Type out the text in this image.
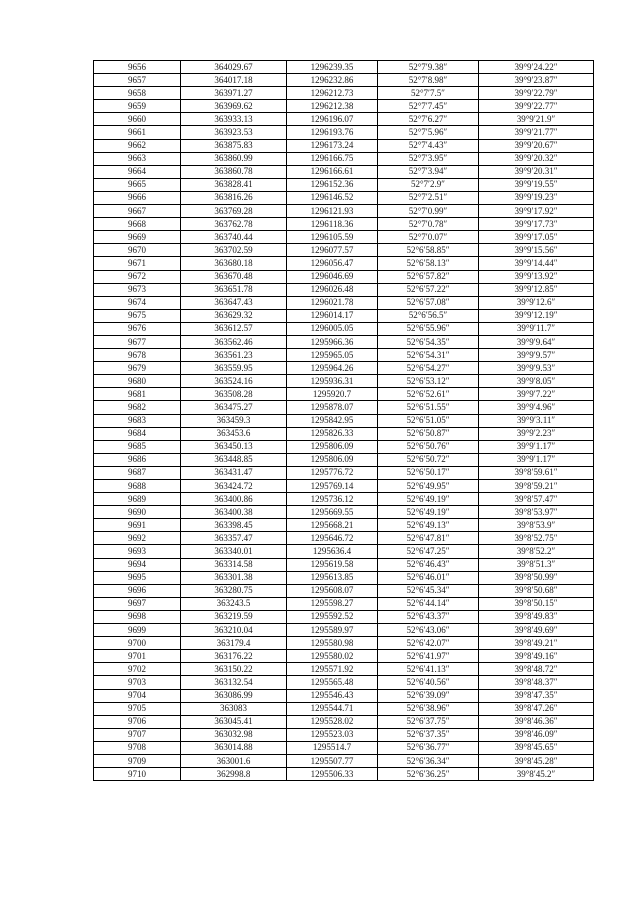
9656	364029.67	1296239.35	52°7′9.38″	39°9′24.22″
9657	364017.18	1296232.86	52°7′8.98″	39°9′23.87″
9658	363971.27	1296212.73	52°7′7.5″	39°9′22.79″
9659	363969.62	1296212.38	52°7′7.45″	39°9′22.77″
9660	363933.13	1296196.07	52°7′6.27″	39°9′21.9″
9661	363923.53	1296193.76	52°7′5.96″	39°9′21.77″
9662	363875.83	1296173.24	52°7′4.43″	39°9′20.67″
9663	363860.99	1296166.75	52°7′3.95″	39°9′20.32″
9664	363860.78	1296166.61	52°7′3.94″	39°9′20.31″
9665	363828.41	1296152.36	52°7′2.9″	39°9′19.55″
9666	363816.26	1296146.52	52°7′2.51″	39°9′19.23″
9667	363769.28	1296121.93	52°7′0.99″	39°9′17.92″
9668	363762.78	1296118.36	52°7′0.78″	39°9′17.73″
9669	363740.44	1296105.59	52°7′0.07″	39°9′17.05″
9670	363702.59	1296077.57	52°6′58.85″	39°9′15.56″
9671	363680.18	1296056.47	52°6′58.13″	39°9′14.44″
9672	363670.48	1296046.69	52°6′57.82″	39°9′13.92″
9673	363651.78	1296026.48	52°6′57.22″	39°9′12.85″
9674	363647.43	1296021.78	52°6′57.08″	39°9′12.6″
9675	363629.32	1296014.17	52°6′56.5″	39°9′12.19″
9676	363612.57	1296005.05	52°6′55.96″	39°9′11.7″
9677	363562.46	1295966.36	52°6′54.35″	39°9′9.64″
9678	363561.23	1295965.05	52°6′54.31″	39°9′9.57″
9679	363559.95	1295964.26	52°6′54.27″	39°9′9.53″
9680	363524.16	1295936.31	52°6′53.12″	39°9′8.05″
9681	363508.28	1295920.7	52°6′52.61″	39°9′7.22″
9682	363475.27	1295878.07	52°6′51.55″	39°9′4.96″
9683	363459.3	1295842.95	52°6′51.05″	39°9′3.11″
9684	363453.6	1295826.33	52°6′50.87″	39°9′2.23″
9685	363450.13	1295806.09	52°6′50.76″	39°9′1.17″
9686	363448.85	1295806.09	52°6′50.72″	39°9′1.17″
9687	363431.47	1295776.72	52°6′50.17″	39°8′59.61″
9688	363424.72	1295769.14	52°6′49.95″	39°8′59.21″
9689	363400.86	1295736.12	52°6′49.19″	39°8′57.47″
9690	363400.38	1295669.55	52°6′49.19″	39°8′53.97″
9691	363398.45	1295668.21	52°6′49.13″	39°8′53.9″
9692	363357.47	1295646.72	52°6′47.81″	39°8′52.75″
9693	363340.01	1295636.4	52°6′47.25″	39°8′52.2″
9694	363314.58	1295619.58	52°6′46.43″	39°8′51.3″
9695	363301.38	1295613.85	52°6′46.01″	39°8′50.99″
9696	363280.75	1295608.07	52°6′45.34″	39°8′50.68″
9697	363243.5	1295598.27	52°6′44.14″	39°8′50.15″
9698	363219.59	1295592.52	52°6′43.37″	39°8′49.83″
9699	363210.04	1295589.97	52°6′43.06″	39°8′49.69″
9700	363179.4	1295580.98	52°6′42.07″	39°8′49.21″
9701	363176.22	1295580.02	52°6′41.97″	39°8′49.16″
9702	363150.22	1295571.92	52°6′41.13″	39°8′48.72″
9703	363132.54	1295565.48	52°6′40.56″	39°8′48.37″
9704	363086.99	1295546.43	52°6′39.09″	39°8′47.35″
9705	363083	1295544.71	52°6′38.96″	39°8′47.26″
9706	363045.41	1295528.02	52°6′37.75″	39°8′46.36″
9707	363032.98	1295523.03	52°6′37.35″	39°8′46.09″
9708	363014.88	1295514.7	52°6′36.77″	39°8′45.65″
9709	363001.6	1295507.77	52°6′36.34″	39°8′45.28″
9710	362998.8	1295506.33	52°6′36.25″	39°8′45.2″
